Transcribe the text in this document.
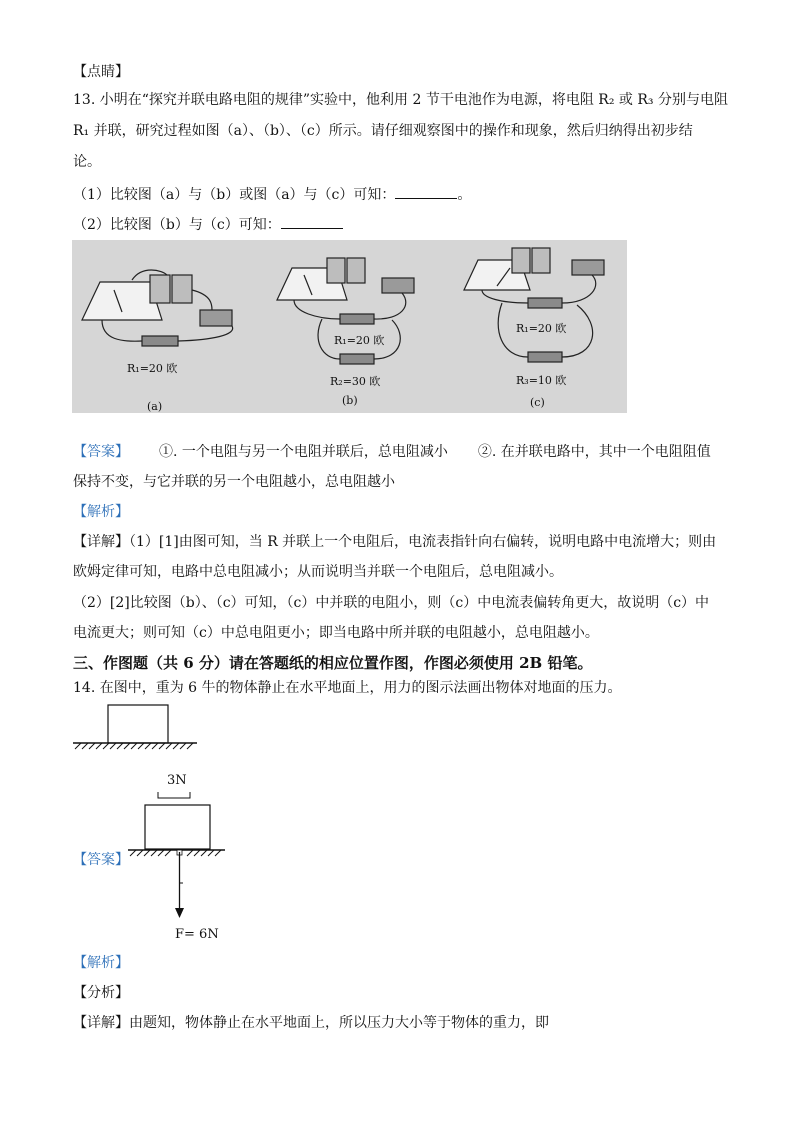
【点睛】
13. 小明在“探究并联电路电阻的规律”实验中，他利用 2 节干电池作为电源，将电阻 R₂ 或 R₃ 分别与电阻
R₁ 并联，研究过程如图（a）、（b）、（c）所示。请仔细观察图中的操作和现象，然后归纳得出初步结
论。
（1）比较图（a）与（b）或图（a）与（c）可知：	。
（2）比较图（b）与（c）可知：
R₁=20 欧
(a)
R₁=20 欧
R₂=30 欧
(b)
R₁=20 欧
R₃=10 欧
(c)
【答案】 ①. 一个电阻与另一个电阻并联后，总电阻减小 ②. 在并联电路中，其中一个电阻阻值
保持不变，与它并联的另一个电阻越小，总电阻越小
【解析】
【详解】（1）[1]由图可知，当 R 并联上一个电阻后，电流表指针向右偏转，说明电路中电流增大；则由
欧姆定律可知，电路中总电阻减小；从而说明当并联一个电阻后，总电阻减小。
（2）[2]比较图（b）、（c）可知，（c）中并联的电阻小，则（c）中电流表偏转角更大，故说明（c）中
电流更大；则可知（c）中总电阻更小；即当电路中所并联的电阻越小，总电阻越小。
三、作图题（共 6 分）请在答题纸的相应位置作图，作图必须使用 2B 铅笔。
14. 在图中，重为 6 牛的物体静止在水平地面上，用力的图示法画出物体对地面的压力。
【答案】
3N
F= 6N
【解析】
【分析】
【详解】由题知，物体静止在水平地面上，所以压力大小等于物体的重力，即
